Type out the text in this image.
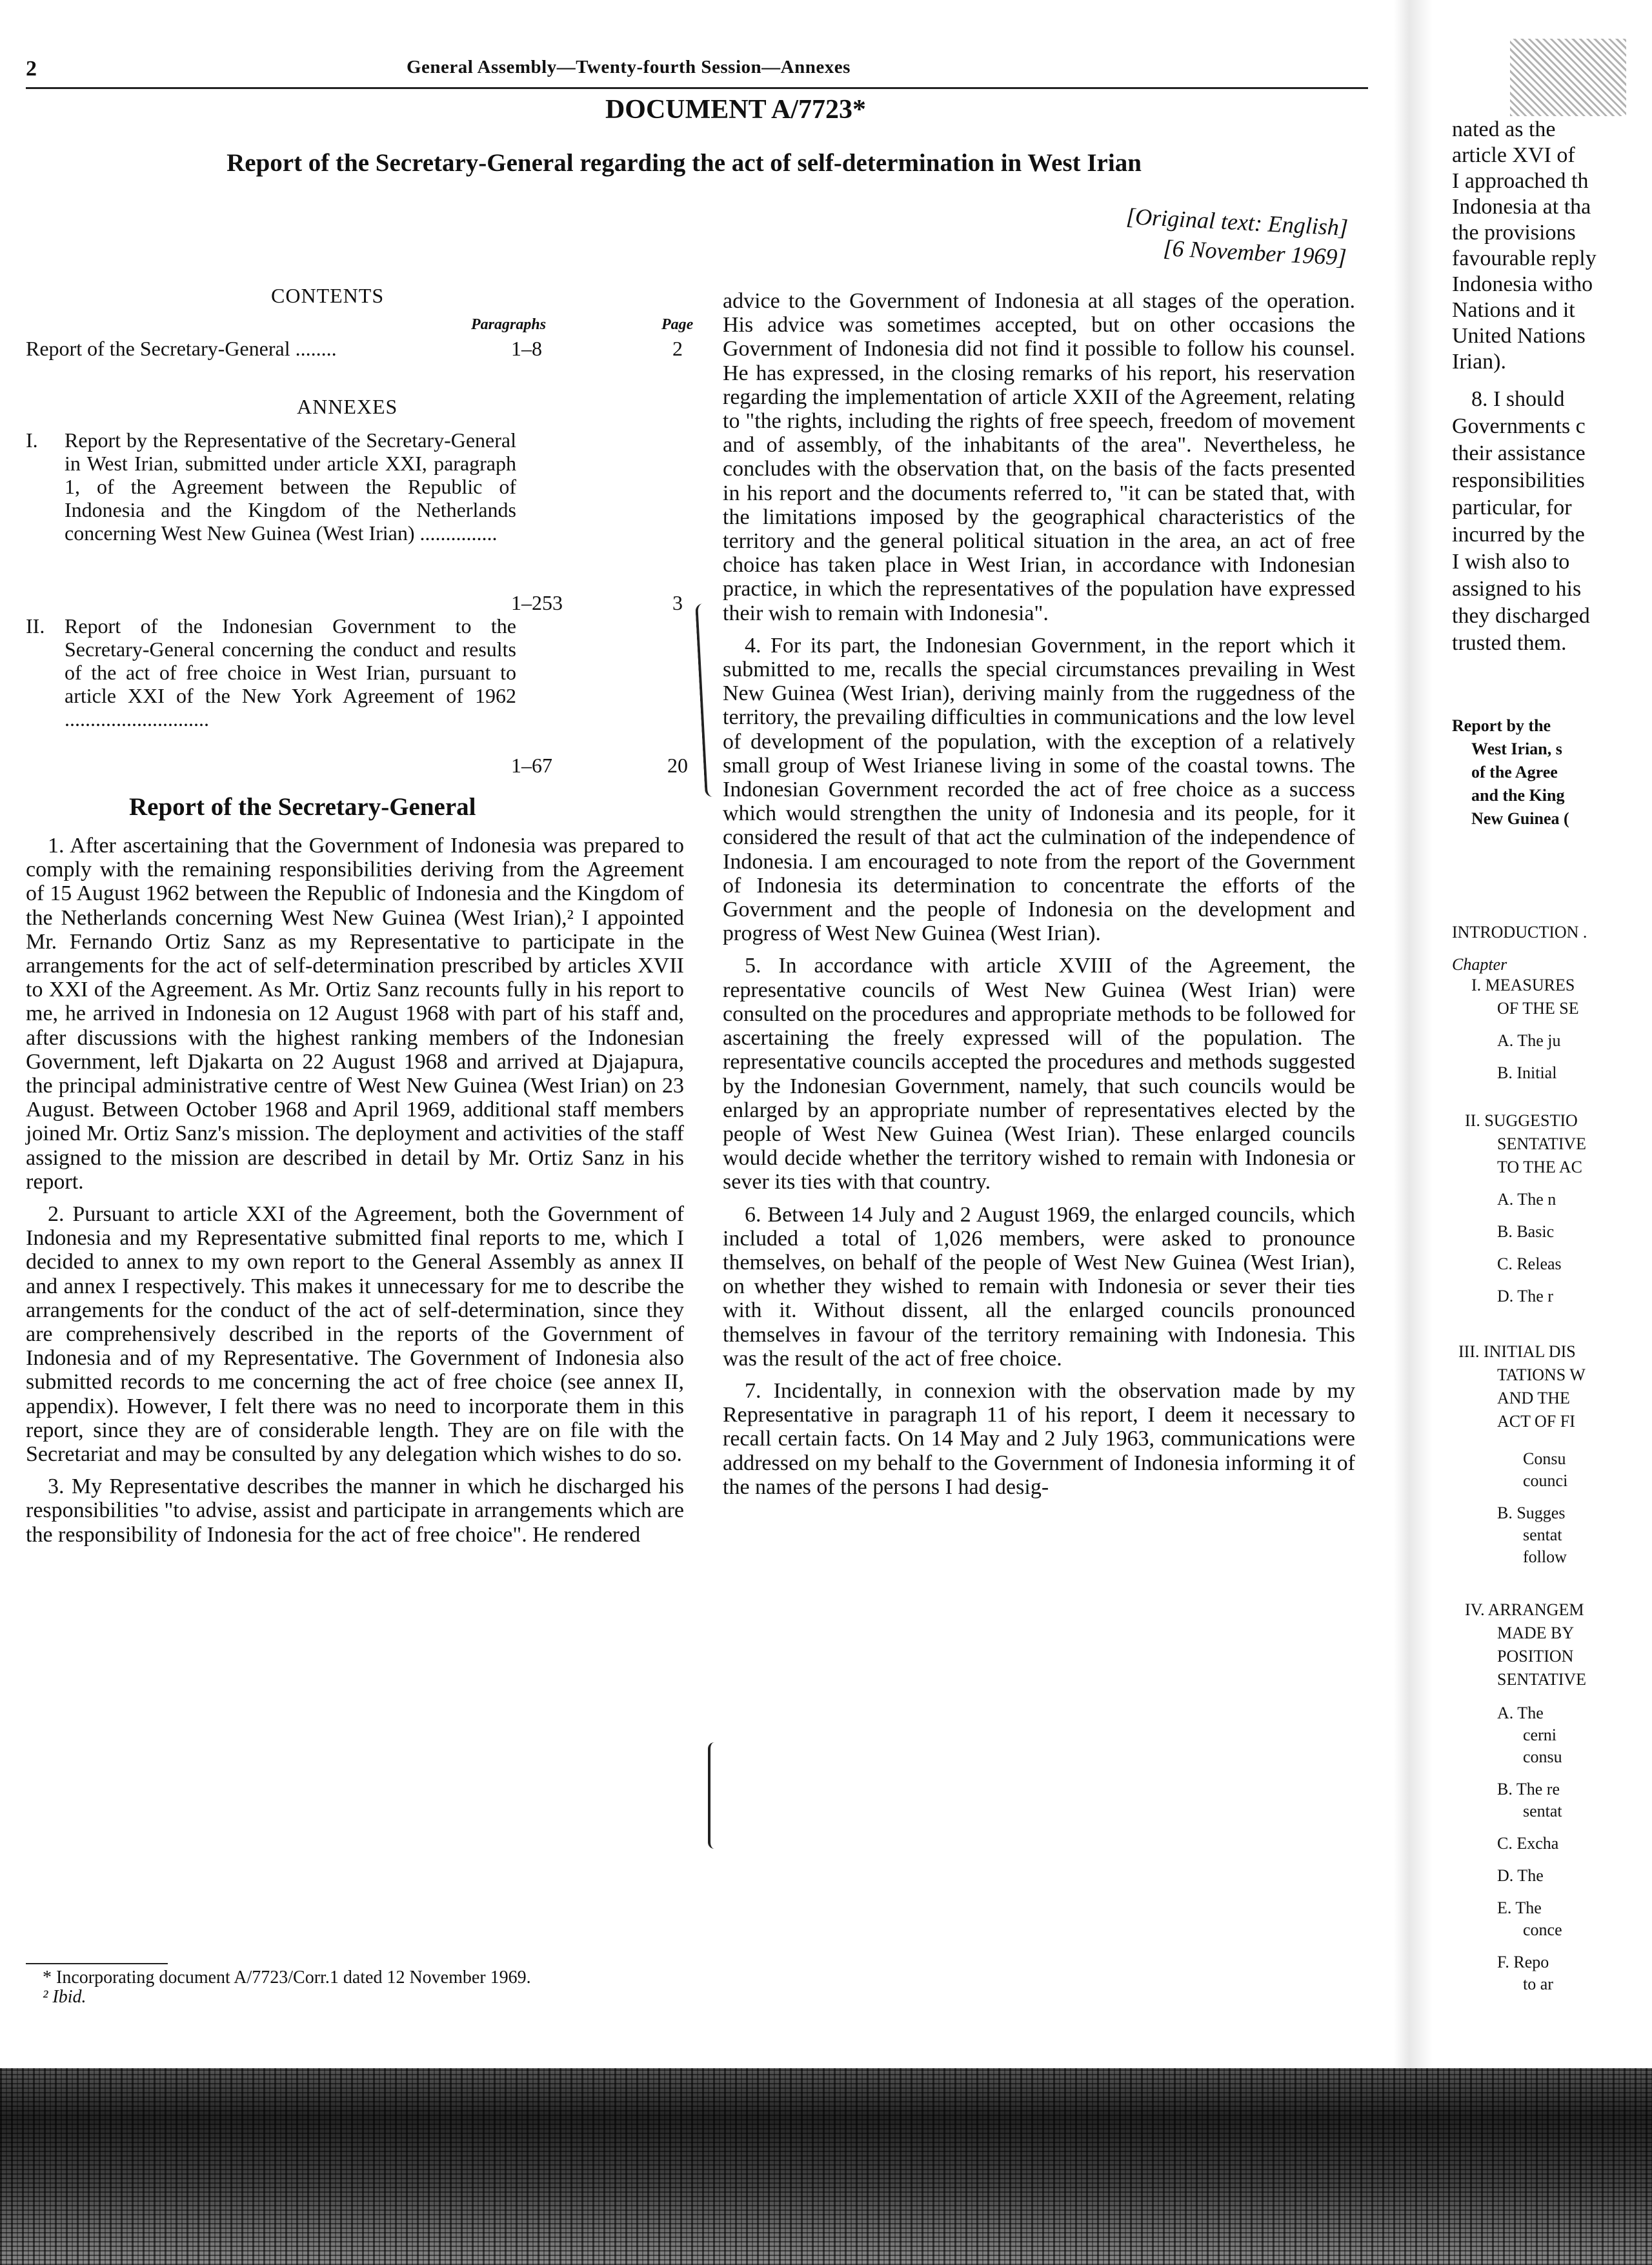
2	General Assembly—Twenty-fourth Session—Annexes
DOCUMENT A/7723*
Report of the Secretary-General regarding the act of self-determination in West Irian
[Original text: English]
[6 November 1969]
CONTENTS
Paragraphs	Page
Report of the Secretary-General ........	1–8	2
ANNEXES
I.	Report by the Representative of the Secretary-General in West Irian, submitted under article XXI, paragraph 1, of the Agreement between the Republic of Indonesia and the Kingdom of the Netherlands concerning West New Guinea (West Irian) ...............
1–253	3
II. Report of the Indonesian Government to the Secretary-General concerning the conduct and results of the act of free choice in West Irian, pursuant to article XXI of the New York Agreement of 1962 ............................
1–67	20
Report of the Secretary-General

1. After ascertaining that the Government of Indonesia was prepared to comply with the remaining responsibilities deriving from the Agreement of 15 August 1962 between the Republic of Indonesia and the Kingdom of the Netherlands concerning West New Guinea (West Irian),² I appointed Mr. Fernando Ortiz Sanz as my Representative to participate in the arrangements for the act of self-determination prescribed by articles XVII to XXI of the Agreement. As Mr. Ortiz Sanz recounts fully in his report to me, he arrived in Indonesia on 12 August 1968 with part of his staff and, after discussions with the highest ranking members of the Indonesian Government, left Djakarta on 22 August 1968 and arrived at Djajapura, the principal administrative centre of West New Guinea (West Irian) on 23 August. Between October 1968 and April 1969, additional staff members joined Mr. Ortiz Sanz's mission. The deployment and activities of the staff assigned to the mission are described in detail by Mr. Ortiz Sanz in his report.

2. Pursuant to article XXI of the Agreement, both the Government of Indonesia and my Representative submitted final reports to me, which I decided to annex to my own report to the General Assembly as annex II and annex I respectively. This makes it unnecessary for me to describe the arrangements for the conduct of the act of self-determination, since they are comprehensively described in the reports of the Government of Indonesia and of my Representative. The Government of Indonesia also submitted records to me concerning the act of free choice (see annex II, appendix). However, I felt there was no need to incorporate them in this report, since they are of considerable length. They are on file with the Secretariat and may be consulted by any delegation which wishes to do so.

3. My Representative describes the manner in which he discharged his responsibilities "to advise, assist and participate in arrangements which are the responsibility of Indonesia for the act of free choice". He rendered

* Incorporating document A/7723/Corr.1 dated 12 November 1969.
² Ibid.

advice to the Government of Indonesia at all stages of the operation. His advice was sometimes accepted, but on other occasions the Government of Indonesia did not find it possible to follow his counsel. He has expressed, in the closing remarks of his report, his reservation regarding the implementation of article XXII of the Agreement, relating to "the rights, including the rights of free speech, freedom of movement and of assembly, of the inhabitants of the area". Nevertheless, he concludes with the observation that, on the basis of the facts presented in his report and the documents referred to, "it can be stated that, with the limitations imposed by the geographical characteristics of the territory and the general political situation in the area, an act of free choice has taken place in West Irian, in accordance with Indonesian practice, in which the representatives of the population have expressed their wish to remain with Indonesia".

4. For its part, the Indonesian Government, in the report which it submitted to me, recalls the special circumstances prevailing in West New Guinea (West Irian), deriving mainly from the ruggedness of the territory, the prevailing difficulties in communications and the low level of development of the population, with the exception of a relatively small group of West Irianese living in some of the coastal towns. The Indonesian Government recorded the act of free choice as a success which would strengthen the unity of Indonesia and its people, for it considered the result of that act the culmination of the independence of Indonesia. I am encouraged to note from the report of the Government of Indonesia its determination to concentrate the efforts of the Government and the people of Indonesia on the development and progress of West New Guinea (West Irian).

5. In accordance with article XVIII of the Agreement, the representative councils of West New Guinea (West Irian) were consulted on the procedures and appropriate methods to be followed for ascertaining the freely expressed will of the population. The representative councils accepted the procedures and methods suggested by the Indonesian Government, namely, that such councils would be enlarged by an appropriate number of representatives elected by the people of West New Guinea (West Irian). These enlarged councils would decide whether the territory wished to remain with Indonesia or sever its ties with that country.

6. Between 14 July and 2 August 1969, the enlarged councils, which included a total of 1,026 members, were asked to pronounce themselves, on behalf of the people of West New Guinea (West Irian), on whether they wished to remain with Indonesia or sever their ties with it. Without dissent, all the enlarged councils pronounced themselves in favour of the territory remaining with Indonesia. This was the result of the act of free choice.

7. Incidentally, in connexion with the observation made by my Representative in paragraph 11 of his report, I deem it necessary to recall certain facts. On 14 May and 2 July 1963, communications were addressed on my behalf to the Government of Indonesia informing it of the names of the persons I had desig-

nated as the
article XVI of
I approached th
Indonesia at tha
the provisions
favourable reply
Indonesia witho
Nations and it
United Nations
Irian).
8. I should
Governments c
their assistance
responsibilities
particular, for
incurred by the
I wish also to
assigned to his
they discharged
trusted them.
Report by the
West Irian, s
of the Agree
and the King
New Guinea (
INTRODUCTION .
Chapter
I. MEASURES
OF THE SE
A. The ju
B. Initial
II. SUGGESTIO
SENTATIVE
TO THE AC
A. The n
B. Basic
C. Releas
D. The r
III. INITIAL DIS
TATIONS W
AND THE
ACT OF FI
Consu
counci
B. Sugges
sentat
follow
IV. ARRANGEM
MADE BY
POSITION
SENTATIVE
A. The
cerni
consu
B. The re
sentat
C. Excha
D. The
E. The
conce
F. Repo
to ar
